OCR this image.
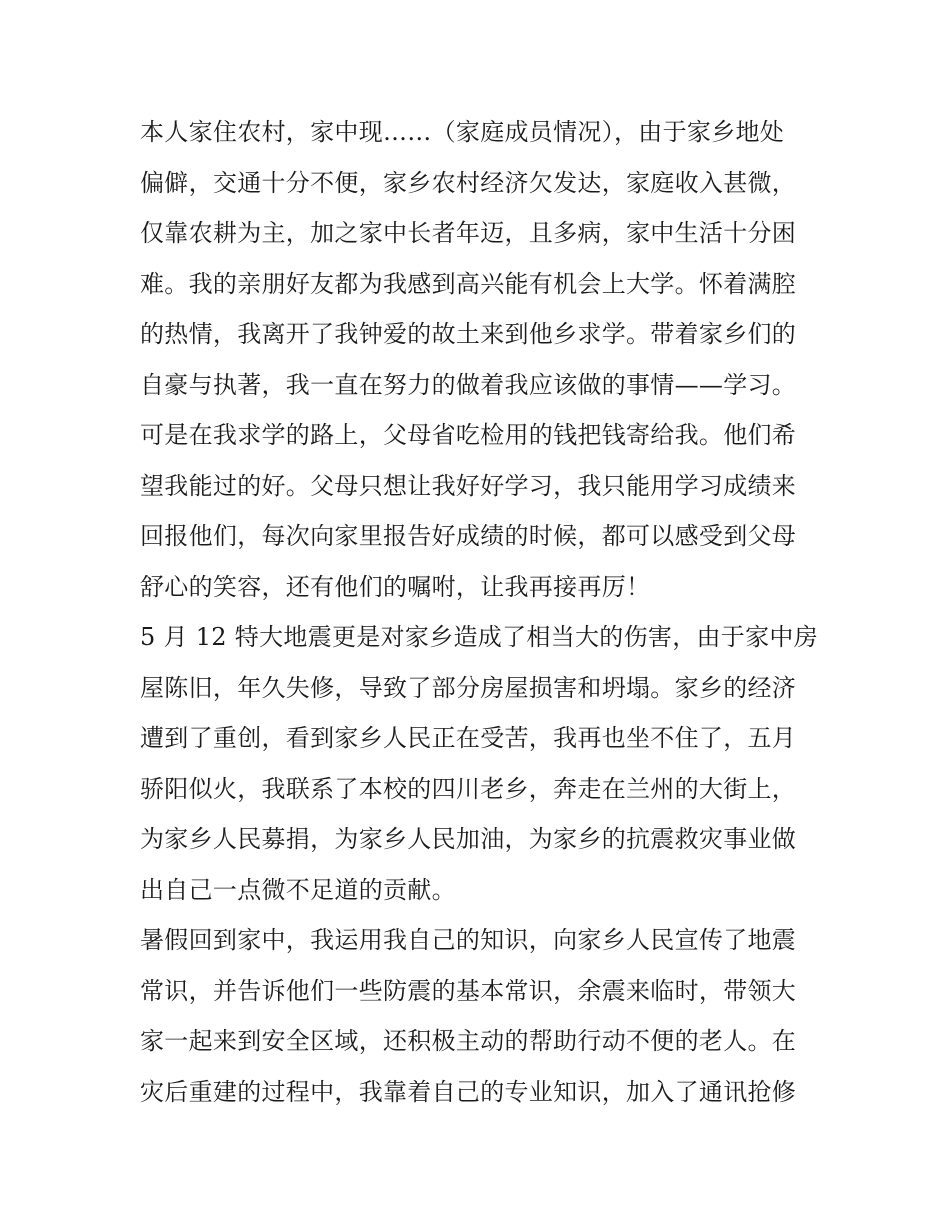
本人家住农村，家中现……（家庭成员情况），由于家乡地处
偏僻，交通十分不便，家乡农村经济欠发达，家庭收入甚微，
仅靠农耕为主，加之家中长者年迈，且多病，家中生活十分困
难。我的亲朋好友都为我感到高兴能有机会上大学。怀着满腔
的热情，我离开了我钟爱的故土来到他乡求学。带着家乡们的
自豪与执著，我一直在努力的做着我应该做的事情——学习。
可是在我求学的路上，父母省吃检用的钱把钱寄给我。他们希
望我能过的好。父母只想让我好好学习，我只能用学习成绩来
回报他们，每次向家里报告好成绩的时候，都可以感受到父母
舒心的笑容，还有他们的嘱咐，让我再接再厉！
5 月 12 特大地震更是对家乡造成了相当大的伤害，由于家中房
屋陈旧，年久失修，导致了部分房屋损害和坍塌。家乡的经济
遭到了重创，看到家乡人民正在受苦，我再也坐不住了，五月
骄阳似火，我联系了本校的四川老乡，奔走在兰州的大街上，
为家乡人民募捐，为家乡人民加油，为家乡的抗震救灾事业做
出自己一点微不足道的贡献。
暑假回到家中，我运用我自己的知识，向家乡人民宣传了地震
常识，并告诉他们一些防震的基本常识，余震来临时，带领大
家一起来到安全区域，还积极主动的帮助行动不便的老人。在
灾后重建的过程中，我靠着自己的专业知识，加入了通讯抢修
